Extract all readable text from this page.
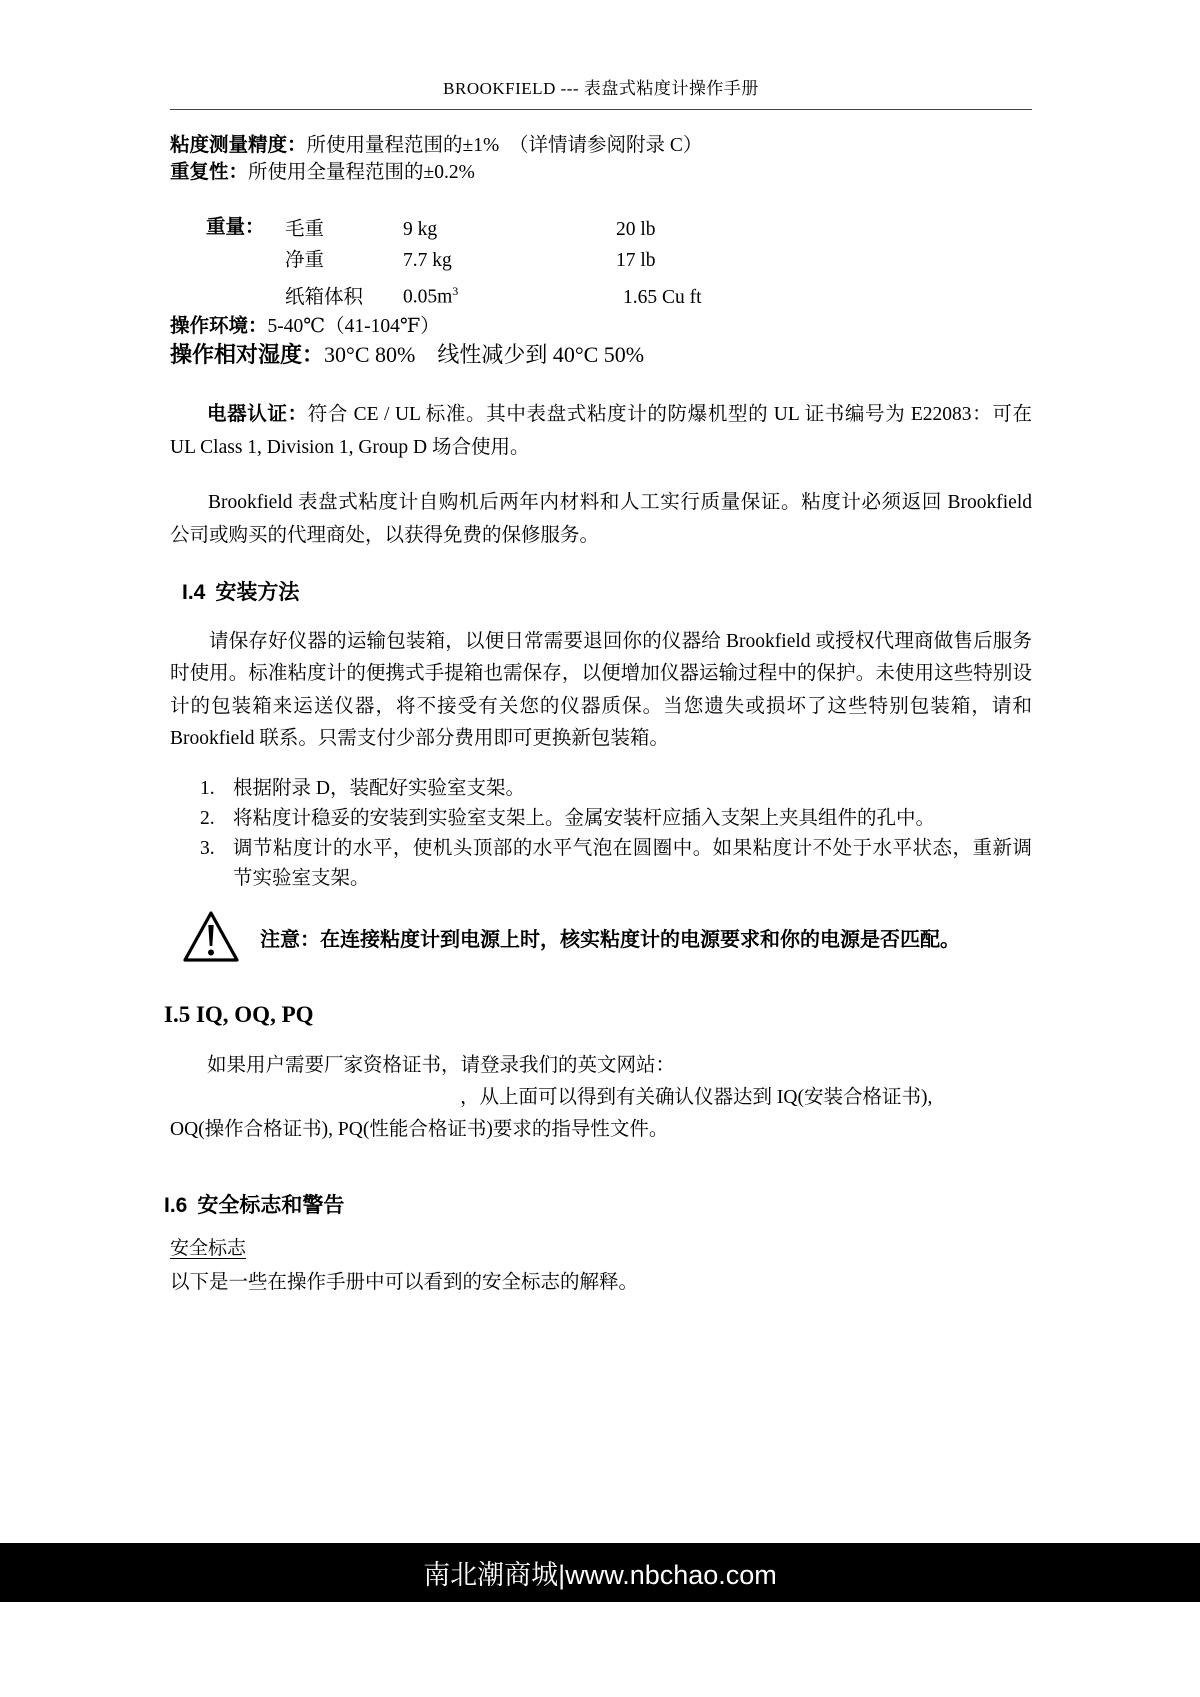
BROOKFIELD --- 表盘式粘度计操作手册

粘度测量精度：所使用量程范围的±1%　（详情请参阅附录 C）

重复性：所使用全量程范围的±0.2%

重量： 毛重	9 kg	20 lb
净重	7.7 kg	17 lb
纸箱体积 $0.05m^3$	1.65 Cu ft

操作环境：5-40℃（41-104℉）

操作相对湿度：30°C 80%　线性减少到 40°C 50%

电器认证：符合 CE / UL 标准。其中表盘式粘度计的防爆机型的 UL 证书编号为 E22083：可在 UL Class 1, Division 1, Group D 场合使用。

Brookfield 表盘式粘度计自购机后两年内材料和人工实行质量保证。粘度计必须返回 Brookfield 公司或购买的代理商处，以获得免费的保修服务。

I.4 安装方法

请保存好仪器的运输包装箱，以便日常需要退回你的仪器给 Brookfield 或授权代理商做售后服务时使用。标准粘度计的便携式手提箱也需保存，以便增加仪器运输过程中的保护。未使用这些特别设计的包装箱来运送仪器，将不接受有关您的仪器质保。当您遗失或损坏了这些特别包装箱，请和 Brookfield 联系。只需支付少部分费用即可更换新包装箱。

1. 根据附录 D，装配好实验室支架。
2. 将粘度计稳妥的安装到实验室支架上。金属安装杆应插入支架上夹具组件的孔中。
3. 调节粘度计的水平，使机头顶部的水平气泡在圆圈中。如果粘度计不处于水平状态，重新调节实验室支架。
注意：在连接粘度计到电源上时，核实粘度计的电源要求和你的电源是否匹配。
I.5 IQ, OQ, PQ

如果用户需要厂家资格证书，请登录我们的英文网站：

，从上面可以得到有关确认仪器达到 IQ(安装合格证书),

OQ(操作合格证书), PQ(性能合格证书)要求的指导性文件。

I.6 安全标志和警告
安全标志

以下是一些在操作手册中可以看到的安全标志的解释。

南北潮商城|www.nbchao.com
